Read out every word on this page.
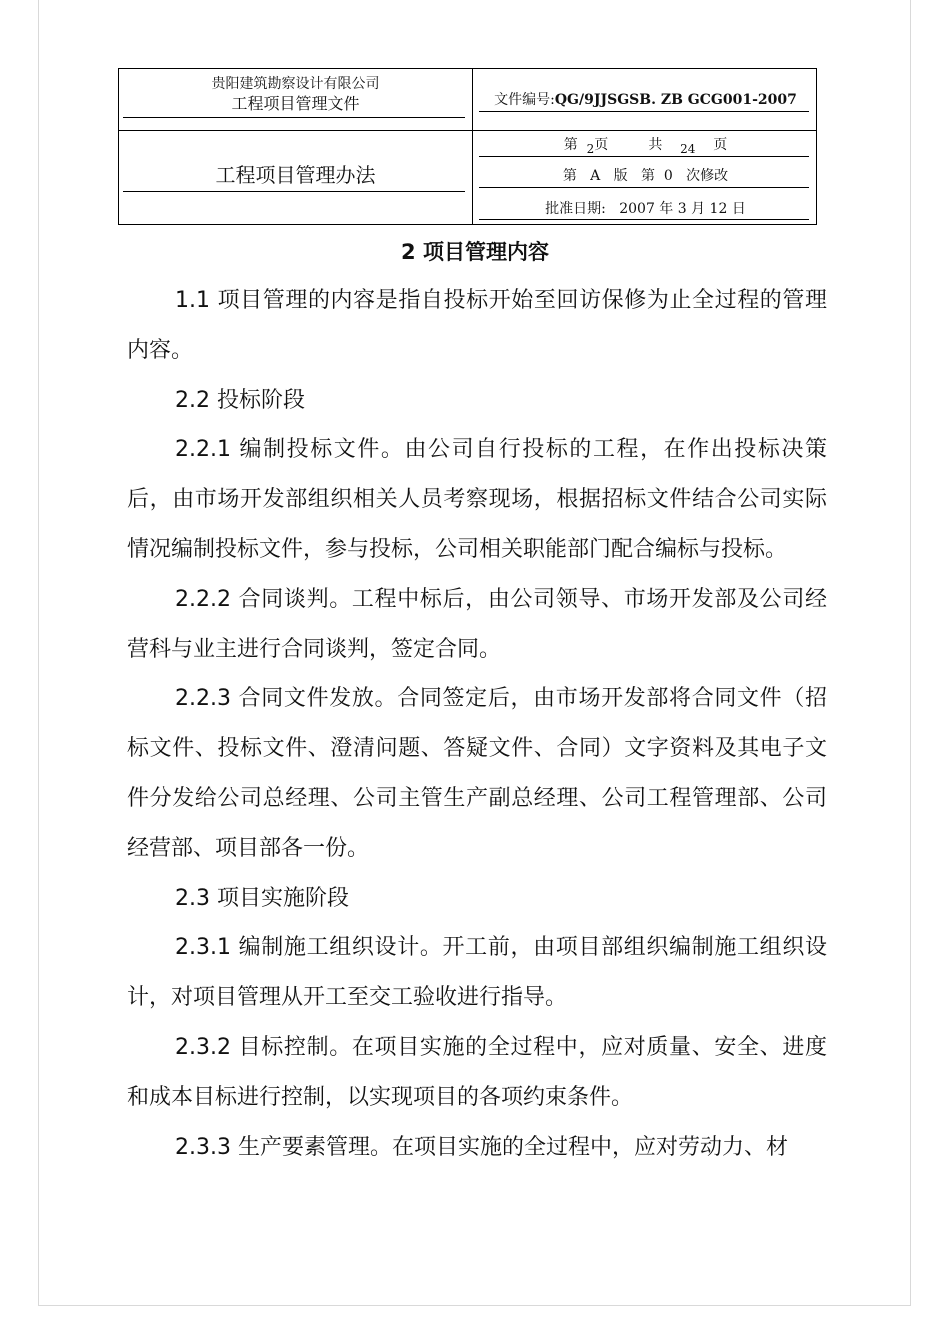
贵阳建筑勘察设计有限公司
工程项目管理文件	文件编号:QG/9JJSGSB. ZB GCG001-2007
工程项目管理办法
第 2页	共 24 页
第   A   版   第  0   次修改
批准日期:   2007 年 3 月 12 日
2 项目管理内容

1.1 项目管理的内容是指自投标开始至回访保修为止全过程的管理内容。

2.2 投标阶段

2.2.1 编制投标文件。由公司自行投标的工程，在作出投标决策后，由市场开发部组织相关人员考察现场，根据招标文件结合公司实际情况编制投标文件，参与投标，公司相关职能部门配合编标与投标。

2.2.2 合同谈判。工程中标后，由公司领导、市场开发部及公司经营科与业主进行合同谈判，签定合同。

2.2.3 合同文件发放。合同签定后，由市场开发部将合同文件（招标文件、投标文件、澄清问题、答疑文件、合同）文字资料及其电子文件分发给公司总经理、公司主管生产副总经理、公司工程管理部、公司经营部、项目部各一份。

2.3 项目实施阶段

2.3.1 编制施工组织设计。开工前，由项目部组织编制施工组织设计，对项目管理从开工至交工验收进行指导。

2.3.2 目标控制。在项目实施的全过程中，应对质量、安全、进度和成本目标进行控制，以实现项目的各项约束条件。

2.3.3 生产要素管理。在项目实施的全过程中，应对劳动力、材
